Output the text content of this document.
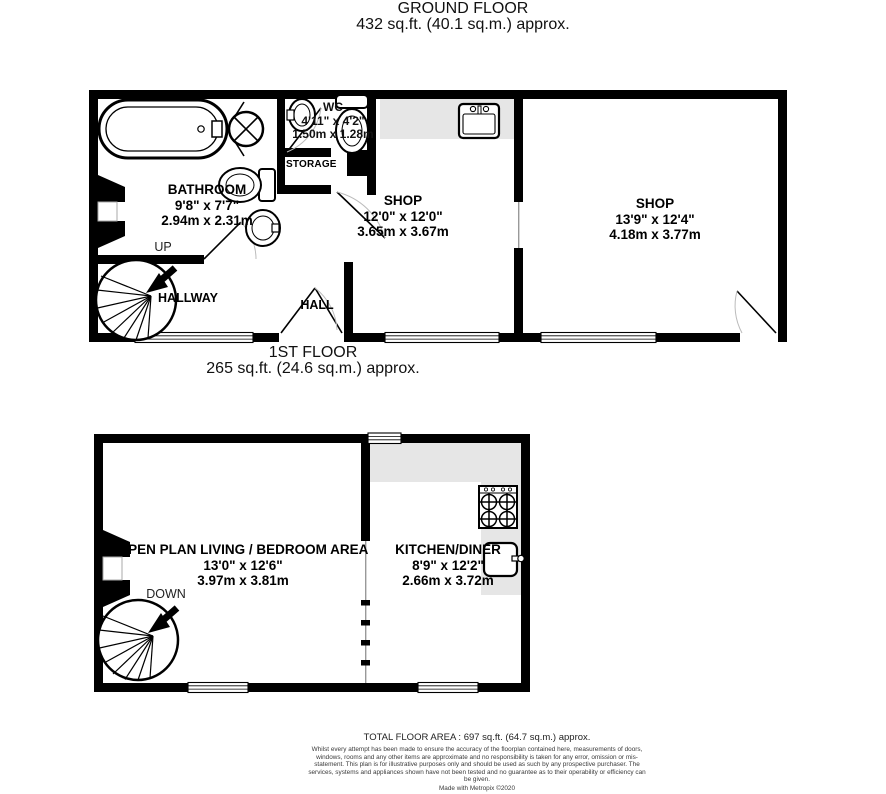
GROUND FLOOR
432 sq.ft. (40.1 sq.m.) approx.
BATHROOM
9'8" x 7'7"
2.94m x 2.31m
WC
4'11" x 4'2"
1.50m x 1.28m
STORAGE
UP
HALLWAY	HALL
SHOP
12'0" x 12'0"
3.65m x 3.67m
SHOP
13'9" x 12'4"
4.18m x 3.77m
1ST FLOOR
265 sq.ft. (24.6 sq.m.) approx.
OPEN PLAN LIVING / BEDROOM AREA
13'0" x 12'6"
3.97m x 3.81m
KITCHEN/DINER
8'9" x 12'2"
2.66m x 3.72m
DOWN
TOTAL FLOOR AREA : 697 sq.ft. (64.7 sq.m.) approx.
Whilst every attempt has been made to ensure the accuracy of the floorplan contained here, measurements of doors, windows, rooms and any other items are approximate and no responsibility is taken for any error, omission or mis-statement. This plan is for illustrative purposes only and should be used as such by any prospective purchaser. The services, systems and appliances shown have not been tested and no guarantee as to their operability or efficiency can be given.
Made with Metropix ©2020
